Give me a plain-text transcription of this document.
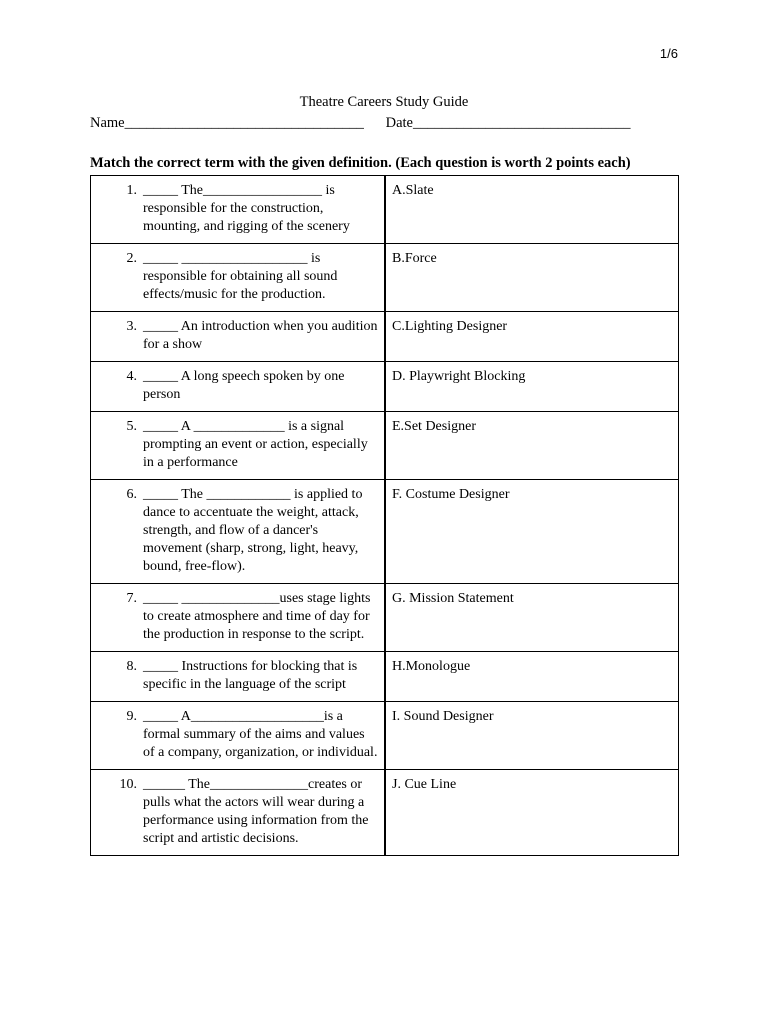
1/6
Theatre Careers Study Guide
Name_________________________________      Date______________________________
Match the correct term with the given definition. (Each question is worth 2 points each)
1. _____ The_________________ is responsible for the construction, mounting, and rigging of the scenery	A.Slate

2. _____ __________________ is responsible for obtaining all sound effects/music for the production.	B.Force

3. _____ An introduction when you audition for a show	C.Lighting Designer

4. _____ A long speech spoken by one person	D. Playwright Blocking

5. _____ A _____________ is a signal prompting an event or action, especially in a performance	E.Set Designer

6. _____ The ____________ is applied to dance to accentuate the weight, attack, strength, and flow of a dancer's movement (sharp, strong, light, heavy, bound, free-flow).	F. Costume Designer

7. _____ ______________uses stage lights to create atmosphere and time of day for the production in response to the script.	G. Mission Statement

8. _____ Instructions for blocking that is specific in the language of the script	H.Monologue

9. _____ A___________________is a formal summary of the aims and values of a company, organization, or individual.	I. Sound Designer

10. ______ The______________creates or pulls what the actors will wear during a performance using information from the script and artistic decisions.	J. Cue Line
